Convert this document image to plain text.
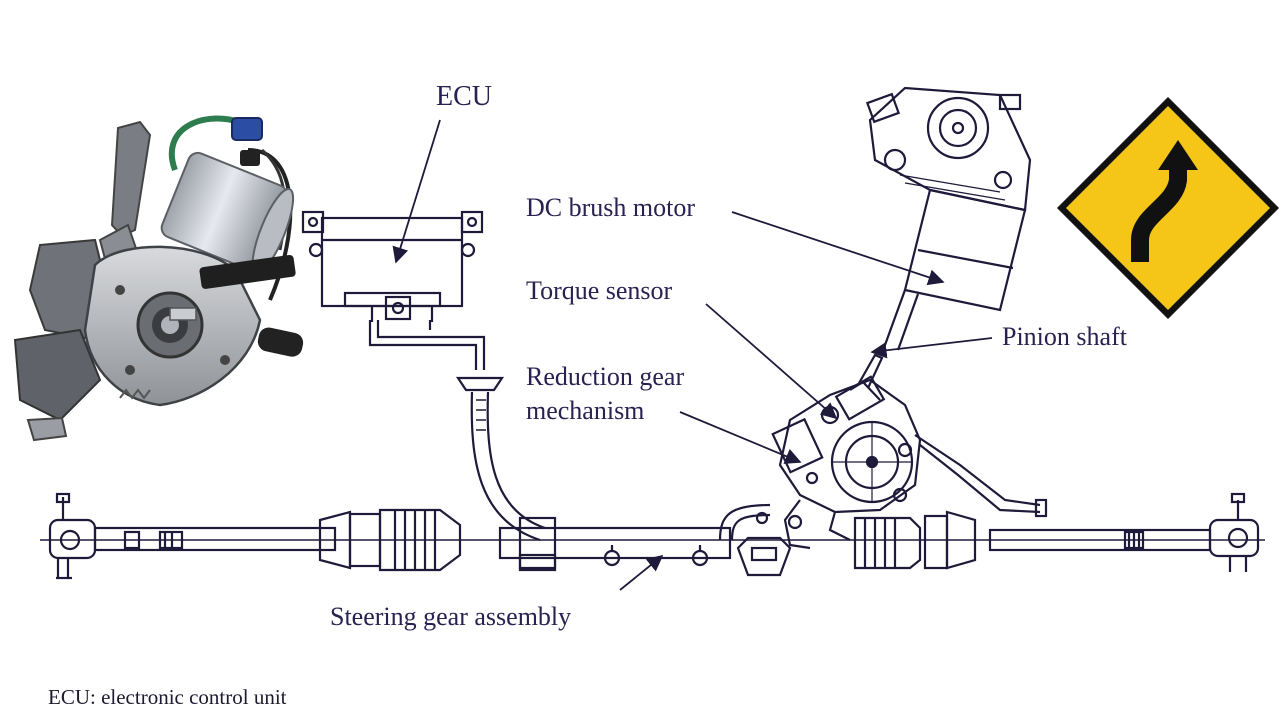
ECU
DC brush motor
Torque sensor
Reduction gear
mechanism
Pinion shaft
Steering gear assembly
ECU: electronic control unit
